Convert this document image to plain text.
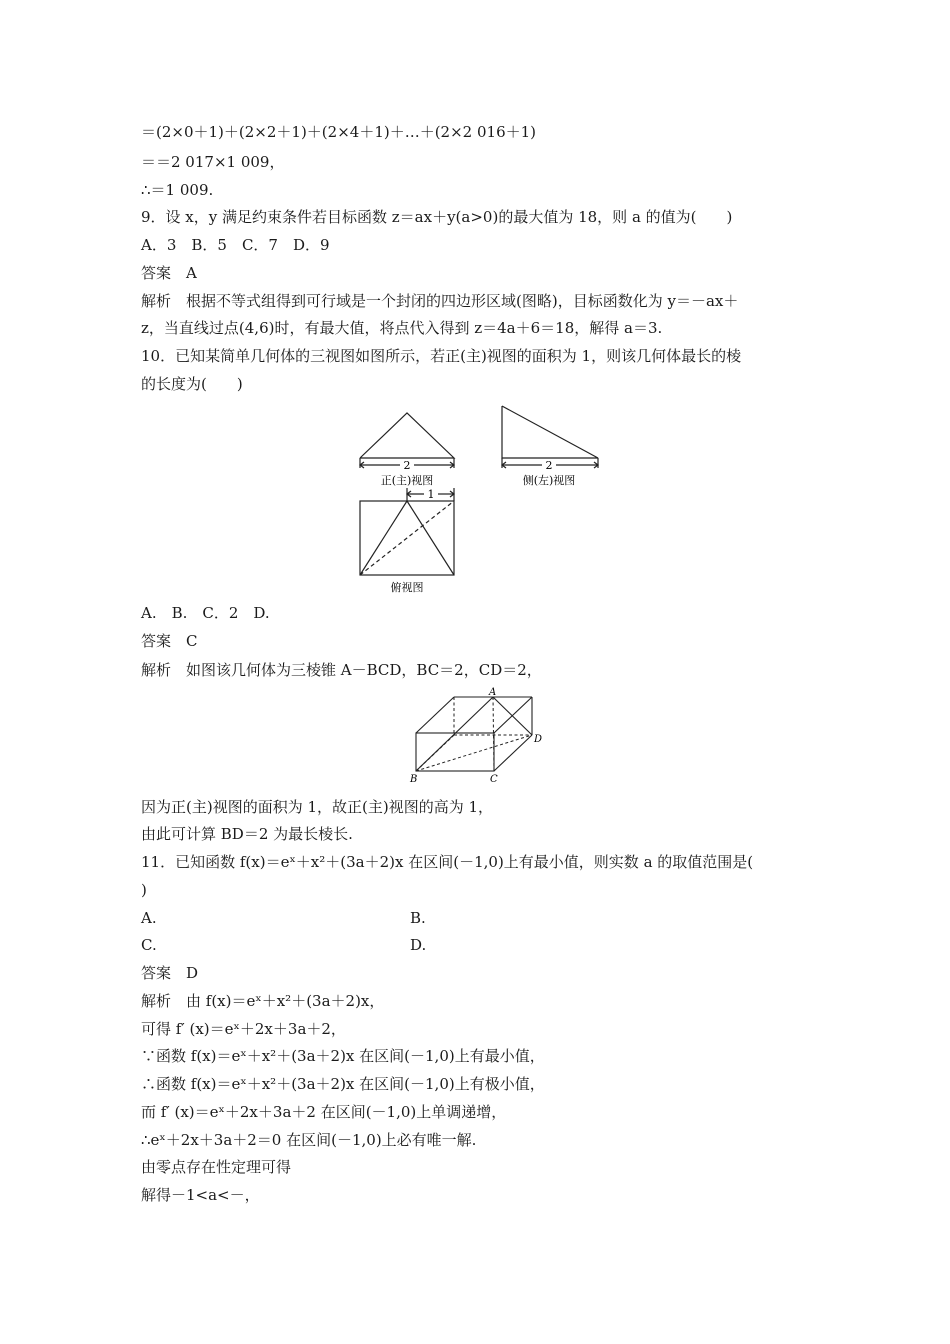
＝(2×0＋1)＋(2×2＋1)＋(2×4＋1)＋…＋(2×2 016＋1)
＝＝2 017×1 009，
∴＝1 009.
9．设 x，y 满足约束条件若目标函数 z＝ax＋y(a>0)的最大值为 18，则 a 的值为(　　)
A．3　B．5　C．7　D．9
答案　A
解析　根据不等式组得到可行域是一个封闭的四边形区域(图略)，目标函数化为 y＝－ax＋
z，当直线过点(4,6)时，有最大值，将点代入得到 z＝4a＋6＝18，解得 a＝3.
10．已知某简单几何体的三视图如图所示，若正(主)视图的面积为 1，则该几何体最长的棱
的长度为(　　)
2
正(主)视图
2
侧(左)视图
1
俯视图
A.　B.　C．2　D.
答案　C
解析　如图该几何体为三棱锥 A－BCD，BC＝2，CD＝2，
A
D
B	C
因为正(主)视图的面积为 1，故正(主)视图的高为 1，
由此可计算 BD＝2 为最长棱长.
11．已知函数 f(x)＝eˣ＋x²＋(3a＋2)x 在区间(－1,0)上有最小值，则实数 a 的取值范围是(
)
A.	B.
C.	D.
答案　D
解析　由 f(x)＝eˣ＋x²＋(3a＋2)x，
可得 f′ (x)＝eˣ＋2x＋3a＋2，
∵函数 f(x)＝eˣ＋x²＋(3a＋2)x 在区间(－1,0)上有最小值，
∴函数 f(x)＝eˣ＋x²＋(3a＋2)x 在区间(－1,0)上有极小值，
而 f′ (x)＝eˣ＋2x＋3a＋2 在区间(－1,0)上单调递增，
∴eˣ＋2x＋3a＋2＝0 在区间(－1,0)上必有唯一解.
由零点存在性定理可得
解得－1<a<－，
